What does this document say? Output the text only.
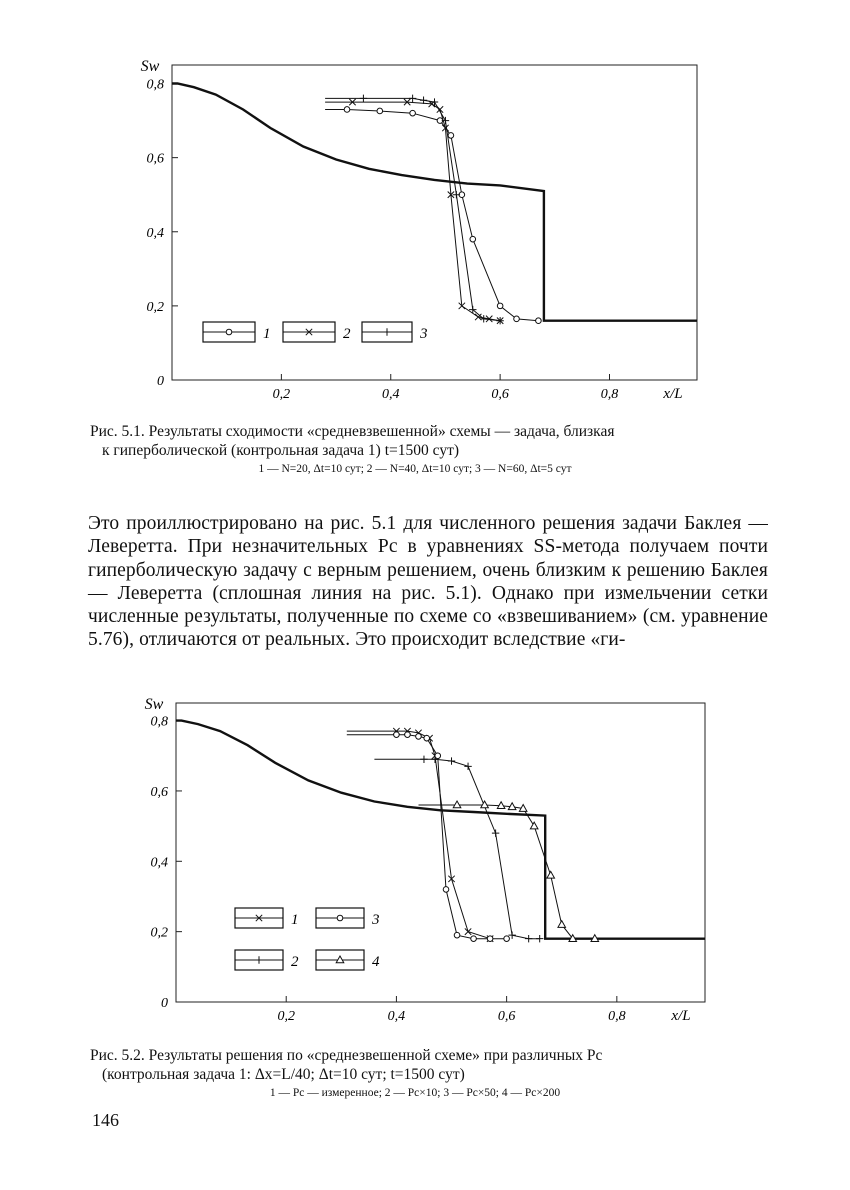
0
0,2
0,4
0,6
0,8
0,2	0,4	0,6	0,8	x/L
Sw
1	2	3
Рис. 5.1. Результаты сходимости «средневзвешенной» схемы — задача, близкая
к гиперболической (контрольная задача 1) t=1500 сут)
1 — N=20, Δt=10 сут; 2 — N=40, Δt=10 сут; 3 — N=60, Δt=5 сут
Это проиллюстрировано на рис. 5.1 для численного решения задачи Баклея — Леверетта. При незначительных Pc в уравнениях SS-метода получаем почти гиперболическую задачу с верным решением, очень близким к решению Баклея — Леверетта (сплошная линия на рис. 5.1). Однако при измельчении сетки численные результаты, полученные по схеме со «взвешиванием» (см. уравнение 5.76), отличаются от реальных. Это происходит вследствие «ги-
0
0,2
0,4
0,6
0,8
0,2	0,4	0,6	0,8	x/L
Sw
1	3
2	4
Рис. 5.2. Результаты решения по «среднезвешенной схеме» при различных Pc
(контрольная задача 1: Δx=L/40; Δt=10 сут; t=1500 сут)
1 — Pc — измеренное; 2 — Pc×10; 3 — Pc×50; 4 — Pc×200
146
